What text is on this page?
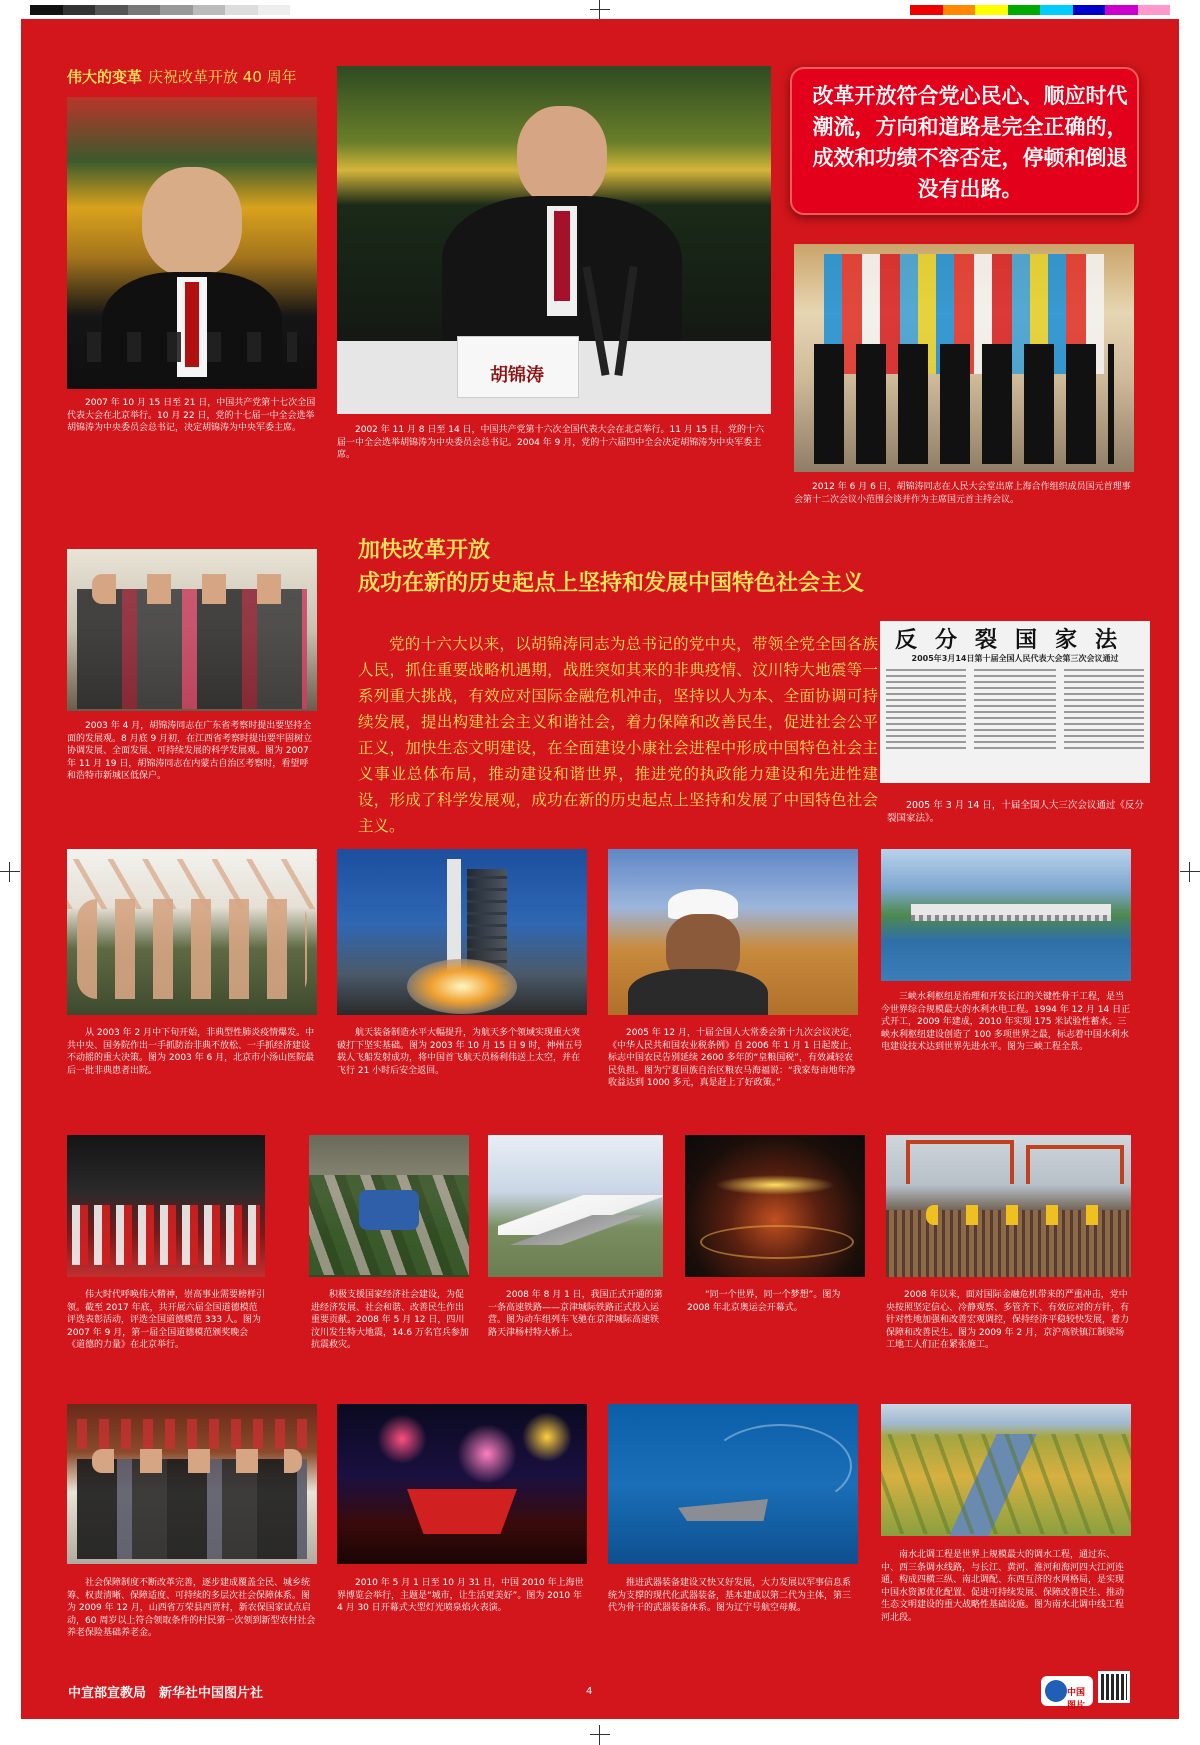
伟大的变革 庆祝改革开放 40 周年
2007 年 10 月 15 日至 21 日，中国共产党第十七次全国代表大会在北京举行。10 月 22 日，党的十七届一中全会选举胡锦涛为中央委员会总书记，决定胡锦涛为中央军委主席。
胡锦涛
2002 年 11 月 8 日至 14 日，中国共产党第十六次全国代表大会在北京举行。11 月 15 日，党的十六届一中全会选举胡锦涛为中央委员会总书记。2004 年 9 月，党的十六届四中全会决定胡锦涛为中央军委主席。
改革开放符合党心民心、顺应时代潮流，方向和道路是完全正确的，成效和功绩不容否定，停顿和倒退没有出路。
2012 年 6 月 6 日，胡锦涛同志在人民大会堂出席上海合作组织成员国元首理事会第十二次会议小范围会谈并作为主席国元首主持会议。
加快改革开放
成功在新的历史起点上坚持和发展中国特色社会主义
2003 年 4 月，胡锦涛同志在广东省考察时提出要坚持全面的发展观。8 月底 9 月初，在江西省考察时提出要牢固树立协调发展、全面发展、可持续发展的科学发展观。图为 2007 年 11 月 19 日，胡锦涛同志在内蒙古自治区考察时，看望呼和浩特市新城区低保户。
党的十六大以来，以胡锦涛同志为总书记的党中央，带领全党全国各族人民，抓住重要战略机遇期，战胜突如其来的非典疫情、汶川特大地震等一系列重大挑战，有效应对国际金融危机冲击，坚持以人为本、全面协调可持续发展，提出构建社会主义和谐社会，着力保障和改善民生，促进社会公平正义，加快生态文明建设，在全面建设小康社会进程中形成中国特色社会主义事业总体布局，推动建设和谐世界，推进党的执政能力建设和先进性建设，形成了科学发展观，成功在新的历史起点上坚持和发展了中国特色社会主义。
反分裂国家法
2005年3月14日第十届全国人民代表大会第三次会议通过
2005 年 3 月 14 日，十届全国人大三次会议通过《反分裂国家法》。
从 2003 年 2 月中下旬开始，非典型性肺炎疫情爆发。中共中央、国务院作出一手抓防治非典不放松、一手抓经济建设不动摇的重大决策。图为 2003 年 6 月，北京市小汤山医院最后一批非典患者出院。
航天装备制造水平大幅提升，为航天多个领域实现重大突破打下坚实基础。图为 2003 年 10 月 15 日 9 时，神州五号载人飞船发射成功，将中国首飞航天员杨利伟送上太空，并在飞行 21 小时后安全返回。
2005 年 12 月，十届全国人大常委会第十九次会议决定，《中华人民共和国农业税条例》自 2006 年 1 月 1 日起废止，标志中国农民告别延续 2600 多年的“皇粮国税”，有效减轻农民负担。图为宁夏回族自治区粮农马海福说：“我家每亩地年净收益达到 1000 多元，真是赶上了好政策。”
三峡水利枢纽是治理和开发长江的关键性骨干工程，是当今世界综合规模最大的水利水电工程。1994 年 12 月 14 日正式开工，2009 年建成，2010 年实现 175 米试验性蓄水。三峡水利枢纽建设创造了 100 多项世界之最，标志着中国水利水电建设技术达到世界先进水平。图为三峡工程全景。
伟大时代呼唤伟大精神，崇高事业需要榜样引领。截至 2017 年底，共开展六届全国道德模范评选表彰活动，评选全国道德模范 333 人。图为 2007 年 9 月，第一届全国道德模范颁奖晚会《道德的力量》在北京举行。
积极支援国家经济社会建设，为促进经济发展、社会和谐、改善民生作出重要贡献。2008 年 5 月 12 日，四川汶川发生特大地震，14.6 万名官兵参加抗震救灾。
2008 年 8 月 1 日，我国正式开通的第一条高速铁路——京津城际铁路正式投入运营。图为动车组列车飞驰在京津城际高速铁路天津杨村特大桥上。
“同一个世界，同一个梦想”。图为 2008 年北京奥运会开幕式。
2008 年以来，面对国际金融危机带来的严重冲击，党中央按照坚定信心、冷静观察、多管齐下、有效应对的方针，有针对性地加强和改善宏观调控，保持经济平稳较快发展，着力保障和改善民生。图为 2009 年 2 月，京沪高铁镇江制梁场工地工人们正在紧张施工。
社会保障制度不断改革完善，逐步建成覆盖全民、城乡统筹、权责清晰、保障适度、可持续的多层次社会保障体系。图为 2009 年 12 月，山西省万荣县西贾村，新农保国家试点启动，60 周岁以上符合领取条件的村民第一次领到新型农村社会养老保险基础养老金。
2010 年 5 月 1 日至 10 月 31 日，中国 2010 年上海世界博览会举行，主题是“城市，让生活更美好”。图为 2010 年 4 月 30 日开幕式大型灯光喷泉焰火表演。
推进武器装备建设又快又好发展，大力发展以军事信息系统为支撑的现代化武器装备，基本建成以第二代为主体，第三代为骨干的武器装备体系。图为辽宁号航空母舰。
南水北调工程是世界上规模最大的调水工程，通过东、中、西三条调水线路，与长江、黄河、淮河和海河四大江河连通，构成四横三纵、南北调配、东西互济的水网格局，是实现中国水资源优化配置、促进可持续发展、保障改善民生、推动生态文明建设的重大战略性基础设施。图为南水北调中线工程河北段。
中宣部宣教局　新华社中国图片社	4	中国图片
